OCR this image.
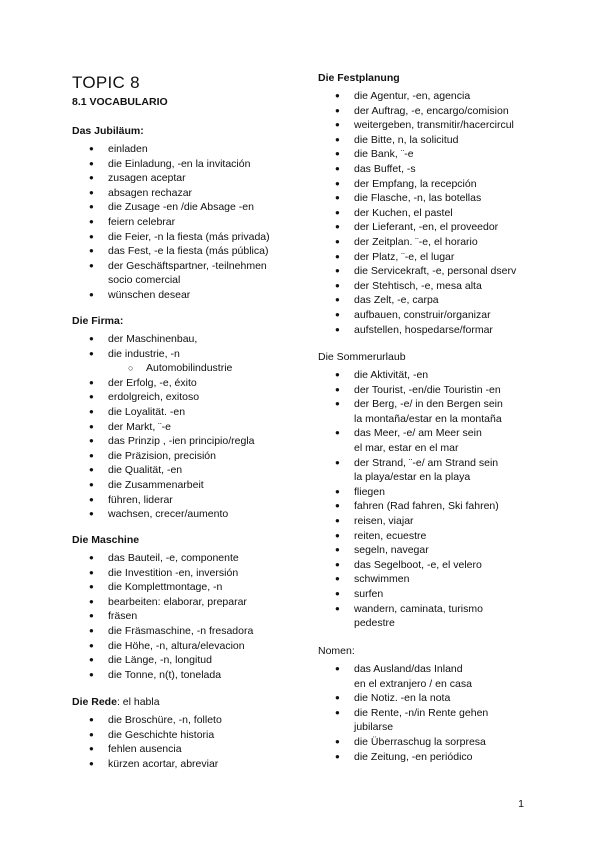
TOPIC 8
8.1 VOCABULARIO
Das Jubiläum:
● einladen
● die Einladung, -en la invitación
● zusagen aceptar
● absagen rechazar
● die Zusage -en /die Absage -en
● feiern celebrar
● die Feier, -n la fiesta (más privada)
● das Fest, -e la fiesta (más pública)
● der Geschäftspartner, -teilnehmen
socio comercial
● wünschen desear
Die Firma:
● der Maschinenbau,
● die industrie, -n
○ Automobilindustrie
● der Erfolg, -e, éxito
● erdolgreich, exitoso
● die Loyalität. -en
● der Markt, ¨-e
● das Prinzip , -ien principio/regla
● die Präzision, precisión
● die Qualität, -en
● die Zusammenarbeit
● führen, liderar
● wachsen, crecer/aumento
Die Maschine
● das Bauteil, -e, componente
● die Investition -en, inversión
● die Komplettmontage, -n
● bearbeiten: elaborar, preparar
● fräsen
● die Fräsmaschine, -n fresadora
● die Höhe, -n, altura/elevacion
● die Länge, -n, longitud
● die Tonne, n(t), tonelada
Die Rede: el habla
● die Broschüre, -n, folleto
● die Geschichte historia
● fehlen ausencia
● kürzen acortar, abreviar
Die Festplanung
● die Agentur, -en, agencia
● der Auftrag, -e, encargo/comision
● weitergeben, transmitir/hacercircul
● die Bitte, n, la solicitud
● die Bank, ¨-e
● das Buffet, -s
● der Empfang, la recepción
● die Flasche, -n, las botellas
● der Kuchen, el pastel
● der Lieferant, -en, el proveedor
● der Zeitplan. ¨-e, el horario
● der Platz, ¨-e, el lugar
● die Servicekraft, -e, personal dserv
● der Stehtisch, -e, mesa alta
● das Zelt, -e, carpa
● aufbauen, construir/organizar
● aufstellen, hospedarse/formar
Die Sommerurlaub
● die Aktivität, -en
● der Tourist, -en/die Touristin -en
● der Berg, -e/ in den Bergen sein
la montaña/estar en la montaña
● das Meer, -e/ am Meer sein
el mar, estar en el mar
● der Strand, ¨-e/ am Strand sein
la playa/estar en la playa
● fliegen
● fahren (Rad fahren, Ski fahren)
● reisen, viajar
● reiten, ecuestre
● segeln, navegar
● das Segelboot, -e, el velero
● schwimmen
● surfen
● wandern, caminata, turismo
pedestre
Nomen:
● das Ausland/das Inland
en el extranjero / en casa
● die Notiz. -en la nota
● die Rente, -n/in Rente gehen
jubilarse
● die Überraschug la sorpresa
● die Zeitung, -en periódico
1
